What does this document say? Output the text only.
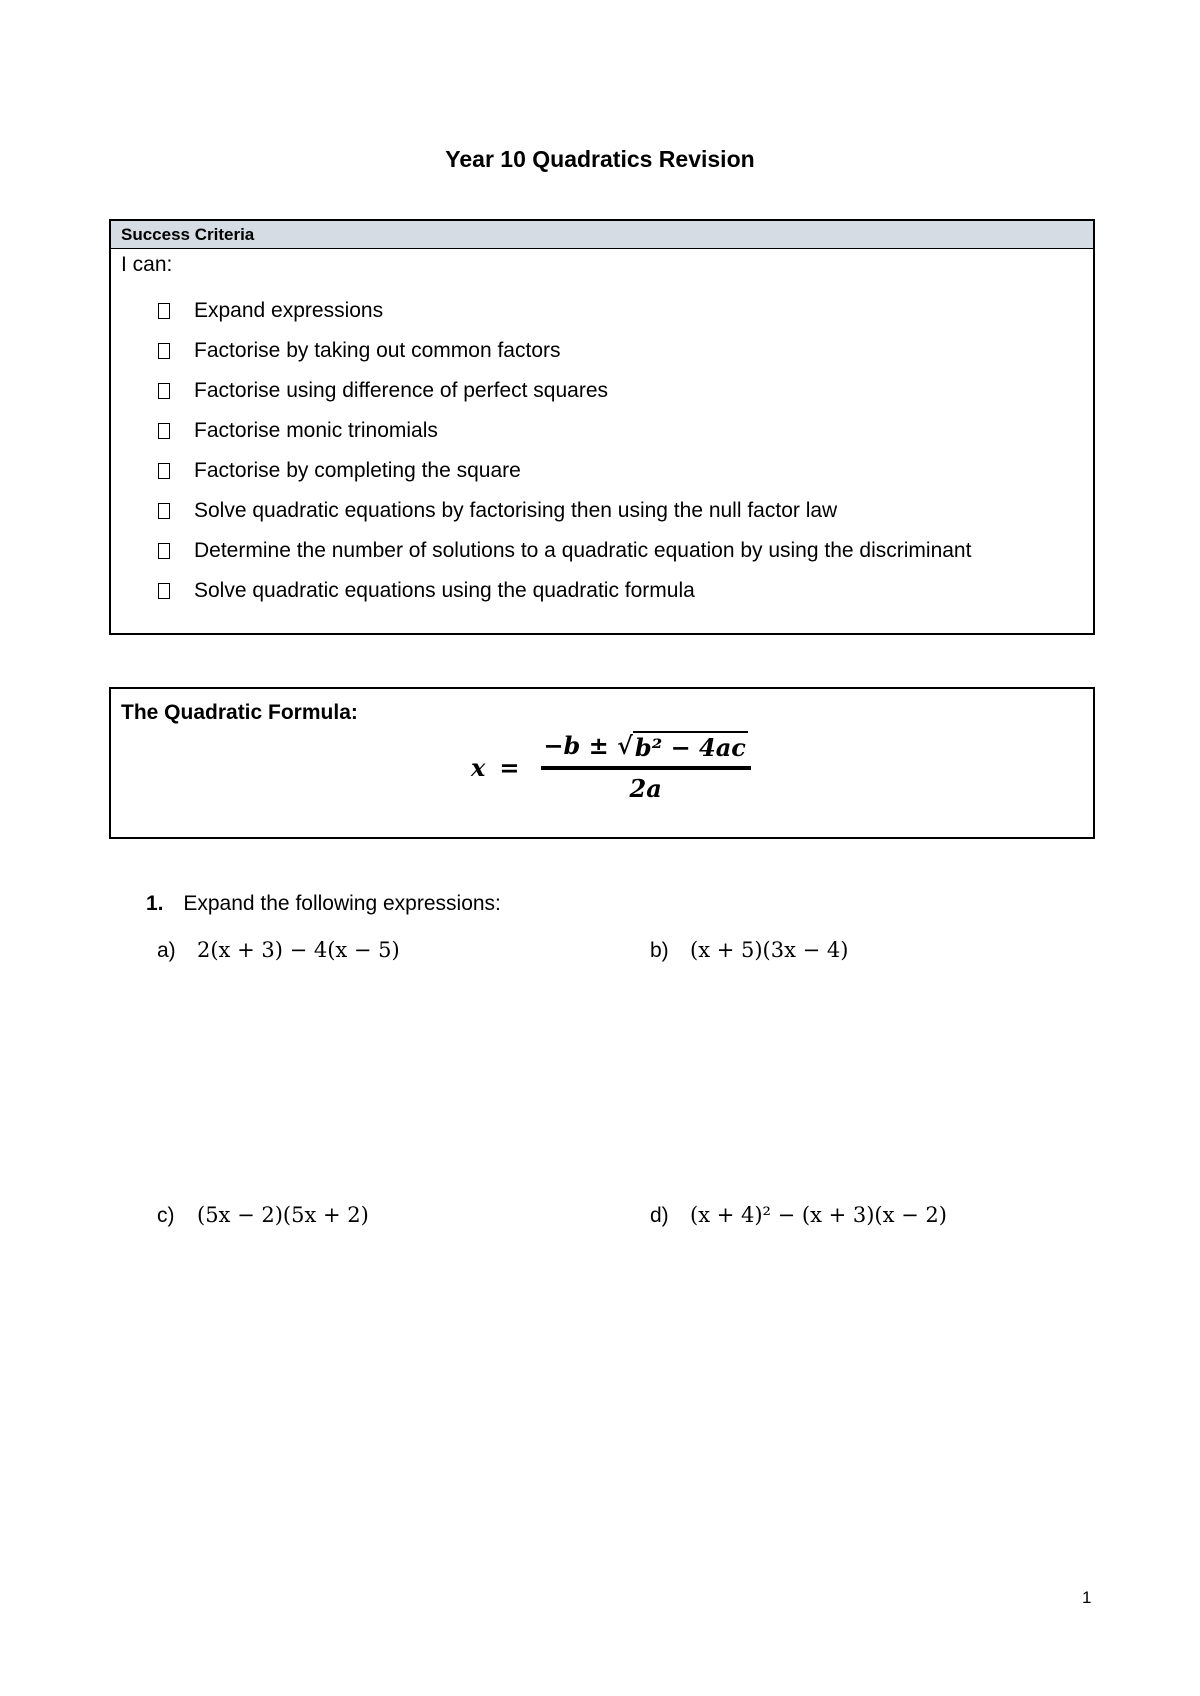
Year 10 Quadratics Revision
Success Criteria
I can:
Expand expressions
Factorise by taking out common factors
Factorise using difference of perfect squares
Factorise monic trinomials
Factorise by completing the square
Solve quadratic equations by factorising then using the null factor law
Determine the number of solutions to a quadratic equation by using the discriminant
Solve quadratic equations using the quadratic formula
The Quadratic Formula:
$x = \frac{\text{−b ± √ b² − 4ac}}{2a}$
1. Expand the following expressions:
a)	2(x + 3) − 4(x − 5)	b)	(x + 5)(3x − 4)
c)	(5x − 2)(5x + 2)	d)	(x + 4)² − (x + 3)(x − 2)
1
